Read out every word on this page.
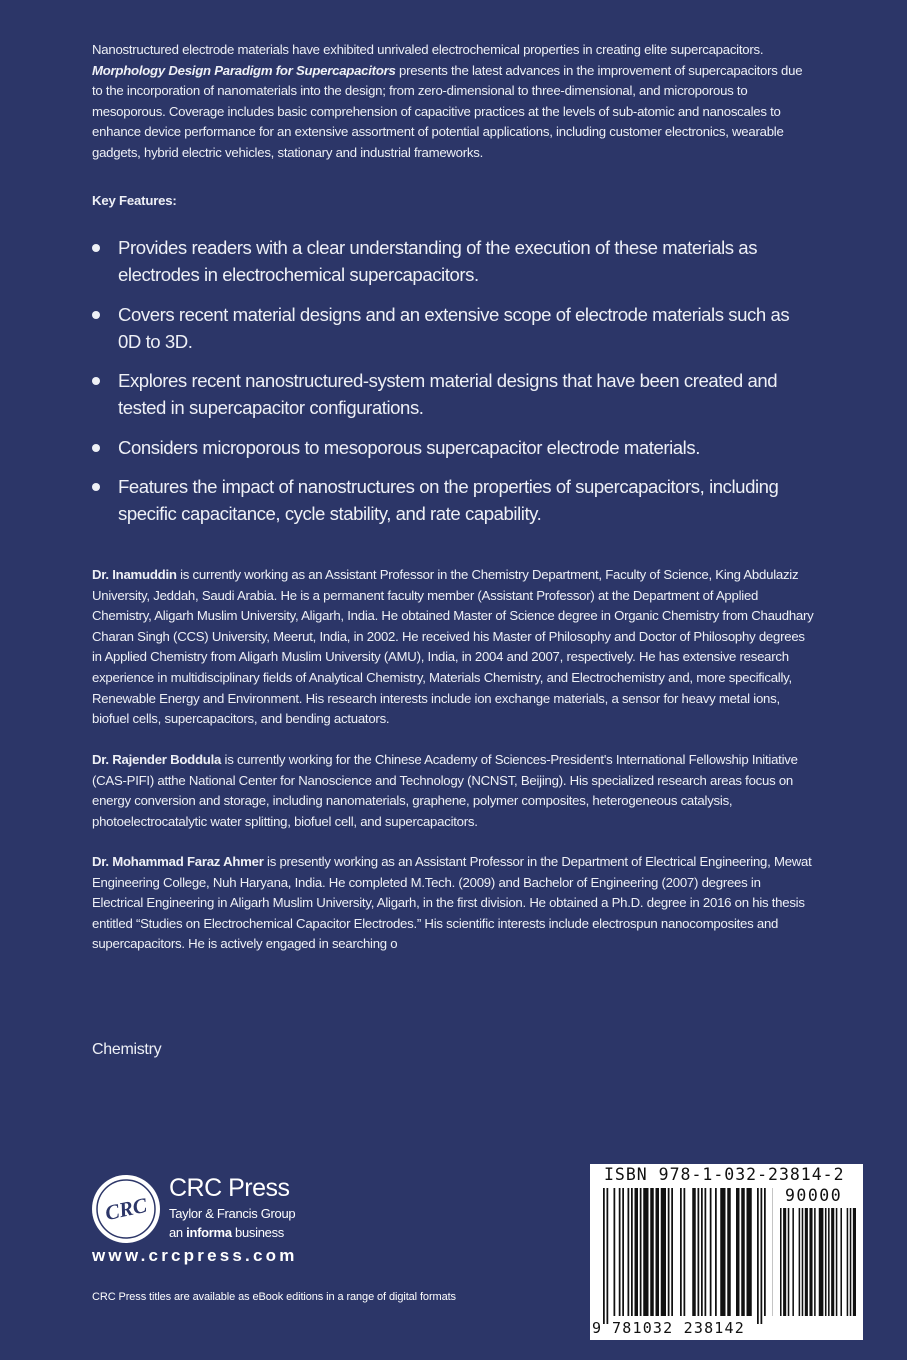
Nanostructured electrode materials have exhibited unrivaled electrochemical properties in creating elite supercapacitors. Morphology Design Paradigm for Supercapacitors presents the latest advances in the improvement of supercapacitors due to the incorporation of nanomaterials into the design; from zero-dimensional to three-dimensional, and microporous to mesoporous. Coverage includes basic comprehension of capacitive practices at the levels of sub-atomic and nanoscales to enhance device performance for an extensive assortment of potential applications, including customer electronics, wearable gadgets, hybrid electric vehicles, stationary and industrial frameworks.

Key Features:
Provides readers with a clear understanding of the execution of these materials as electrodes in electrochemical supercapacitors.
Covers recent material designs and an extensive scope of electrode materials such as 0D to 3D.
Explores recent nanostructured-system material designs that have been created and tested in supercapacitor configurations.
Considers microporous to mesoporous supercapacitor electrode materials.
Features the impact of nanostructures on the properties of supercapacitors, including specific capacitance, cycle stability, and rate capability.

Dr. Inamuddin is currently working as an Assistant Professor in the Chemistry Department, Faculty of Science, King Abdulaziz University, Jeddah, Saudi Arabia. He is a permanent faculty member (Assistant Professor) at the Department of Applied Chemistry, Aligarh Muslim University, Aligarh, India. He obtained Master of Science degree in Organic Chemistry from Chaudhary Charan Singh (CCS) University, Meerut, India, in 2002. He received his Master of Philosophy and Doctor of Philosophy degrees in Applied Chemistry from Aligarh Muslim University (AMU), India, in 2004 and 2007, respectively. He has extensive research experience in multidisciplinary fields of Analytical Chemistry, Materials Chemistry, and Electrochemistry and, more specifically, Renewable Energy and Environment. His research interests include ion exchange materials, a sensor for heavy metal ions, biofuel cells, supercapacitors, and bending actuators.

Dr. Rajender Boddula is currently working for the Chinese Academy of Sciences-President's International Fellowship Initiative (CAS-PIFI) atthe National Center for Nanoscience and Technology (NCNST, Beijing). His specialized research areas focus on energy conversion and storage, including nanomaterials, graphene, polymer composites, heterogeneous catalysis, photoelectrocatalytic water splitting, biofuel cell, and supercapacitors.

Dr. Mohammad Faraz Ahmer is presently working as an Assistant Professor in the Department of Electrical Engineering, Mewat Engineering College, Nuh Haryana, India. He completed M.Tech. (2009) and Bachelor of Engineering (2007) degrees in Electrical Engineering in Aligarh Muslim University, Aligarh, in the first division. He obtained a Ph.D. degree in 2016 on his thesis entitled “Studies on Electrochemical Capacitor Electrodes.” His scientific interests include electrospun nanocomposites and supercapacitors. He is actively engaged in searching o

Chemistry
CRC
CRC Press
Taylor & Francis Group
an informa business
www.crcpress.com
CRC Press titles are available as eBook editions in a range of digital formats
ISBN 978-1-032-23814-2
90000
9 781032 238142
